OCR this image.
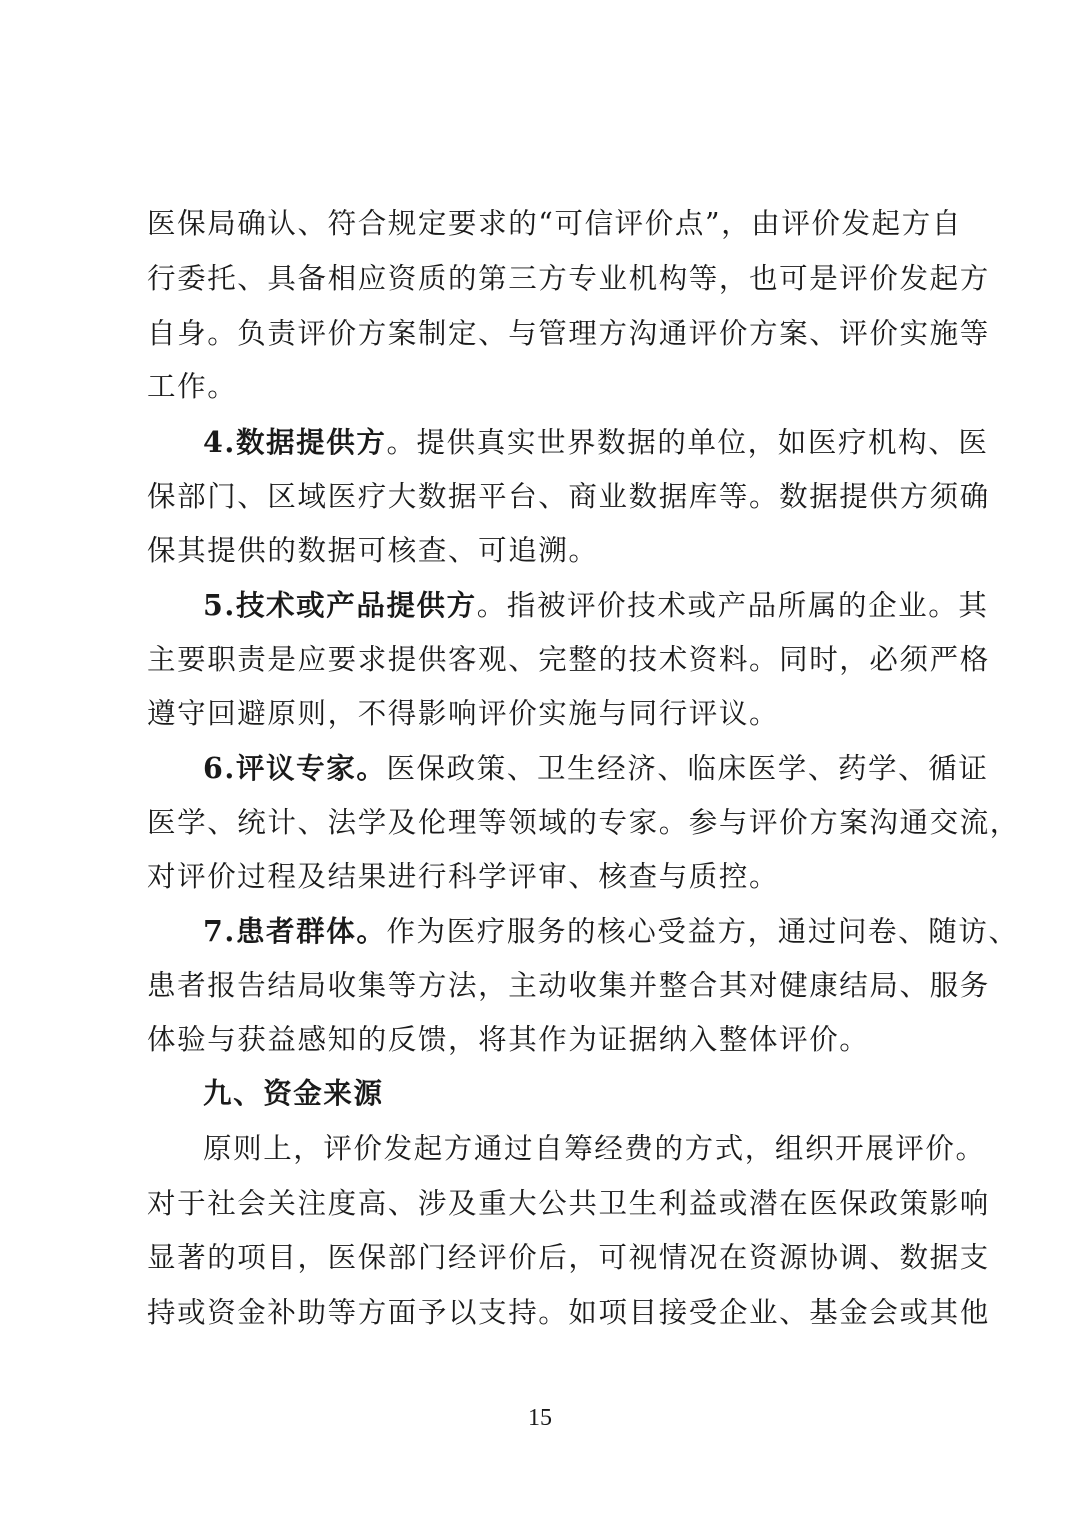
医保局确认、符合规定要求的“可信评价点”，由评价发起方自
行委托、具备相应资质的第三方专业机构等，也可是评价发起方
自身。负责评价方案制定、与管理方沟通评价方案、评价实施等
工作。
4.数据提供方。提供真实世界数据的单位，如医疗机构、医
保部门、区域医疗大数据平台、商业数据库等。数据提供方须确
保其提供的数据可核查、可追溯。
5.技术或产品提供方。指被评价技术或产品所属的企业。其
主要职责是应要求提供客观、完整的技术资料。同时，必须严格
遵守回避原则，不得影响评价实施与同行评议。
6.评议专家。医保政策、卫生经济、临床医学、药学、循证
医学、统计、法学及伦理等领域的专家。参与评价方案沟通交流，
对评价过程及结果进行科学评审、核查与质控。
7.患者群体。作为医疗服务的核心受益方，通过问卷、随访、
患者报告结局收集等方法，主动收集并整合其对健康结局、服务
体验与获益感知的反馈，将其作为证据纳入整体评价。
九、资金来源
原则上，评价发起方通过自筹经费的方式，组织开展评价。
对于社会关注度高、涉及重大公共卫生利益或潜在医保政策影响
显著的项目，医保部门经评价后，可视情况在资源协调、数据支
持或资金补助等方面予以支持。如项目接受企业、基金会或其他
15
